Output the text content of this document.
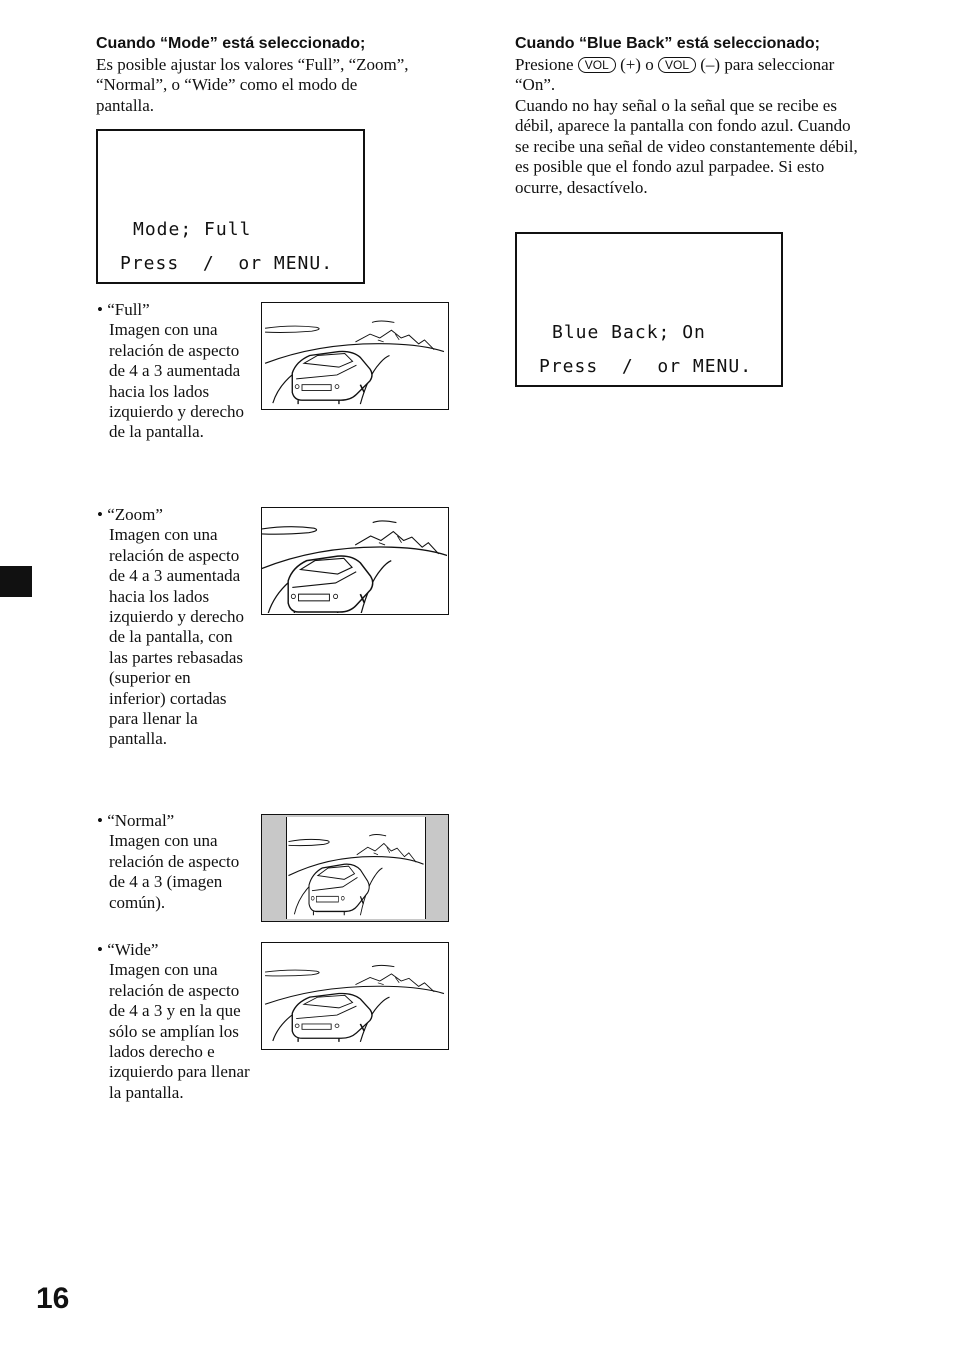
Cuando “Mode” está seleccionado;
Es posible ajustar los valores “Full”, “Zoom”, “Normal”, o “Wide” como el modo de pantalla.
Mode; Full
Press  /  or MENU.
• “Full”
Imagen con una relación de aspecto de 4 a 3 aumentada hacia los lados izquierdo y derecho de la pantalla.
• “Zoom”
Imagen con una relación de aspecto de 4 a 3 aumentada hacia los lados izquierdo y derecho de la pantalla, con las partes rebasadas (superior en inferior) cortadas para llenar la pantalla.
• “Normal”
Imagen con una relación de aspecto de 4 a 3 (imagen común).
• “Wide”
Imagen con una relación de aspecto de 4 a 3 y en la que sólo se amplían los lados derecho e izquierdo para llenar la pantalla.
Cuando “Blue Back” está seleccionado;
Presione VOL (+) o VOL (–) para seleccionar “On”.
Cuando no hay señal o la señal que se recibe es débil, aparece la pantalla con fondo azul. Cuando se recibe una señal de video constantemente débil, es posible que el fondo azul parpadee. Si esto ocurre, desactívelo.
Blue Back; On
Press  /  or MENU.
16
